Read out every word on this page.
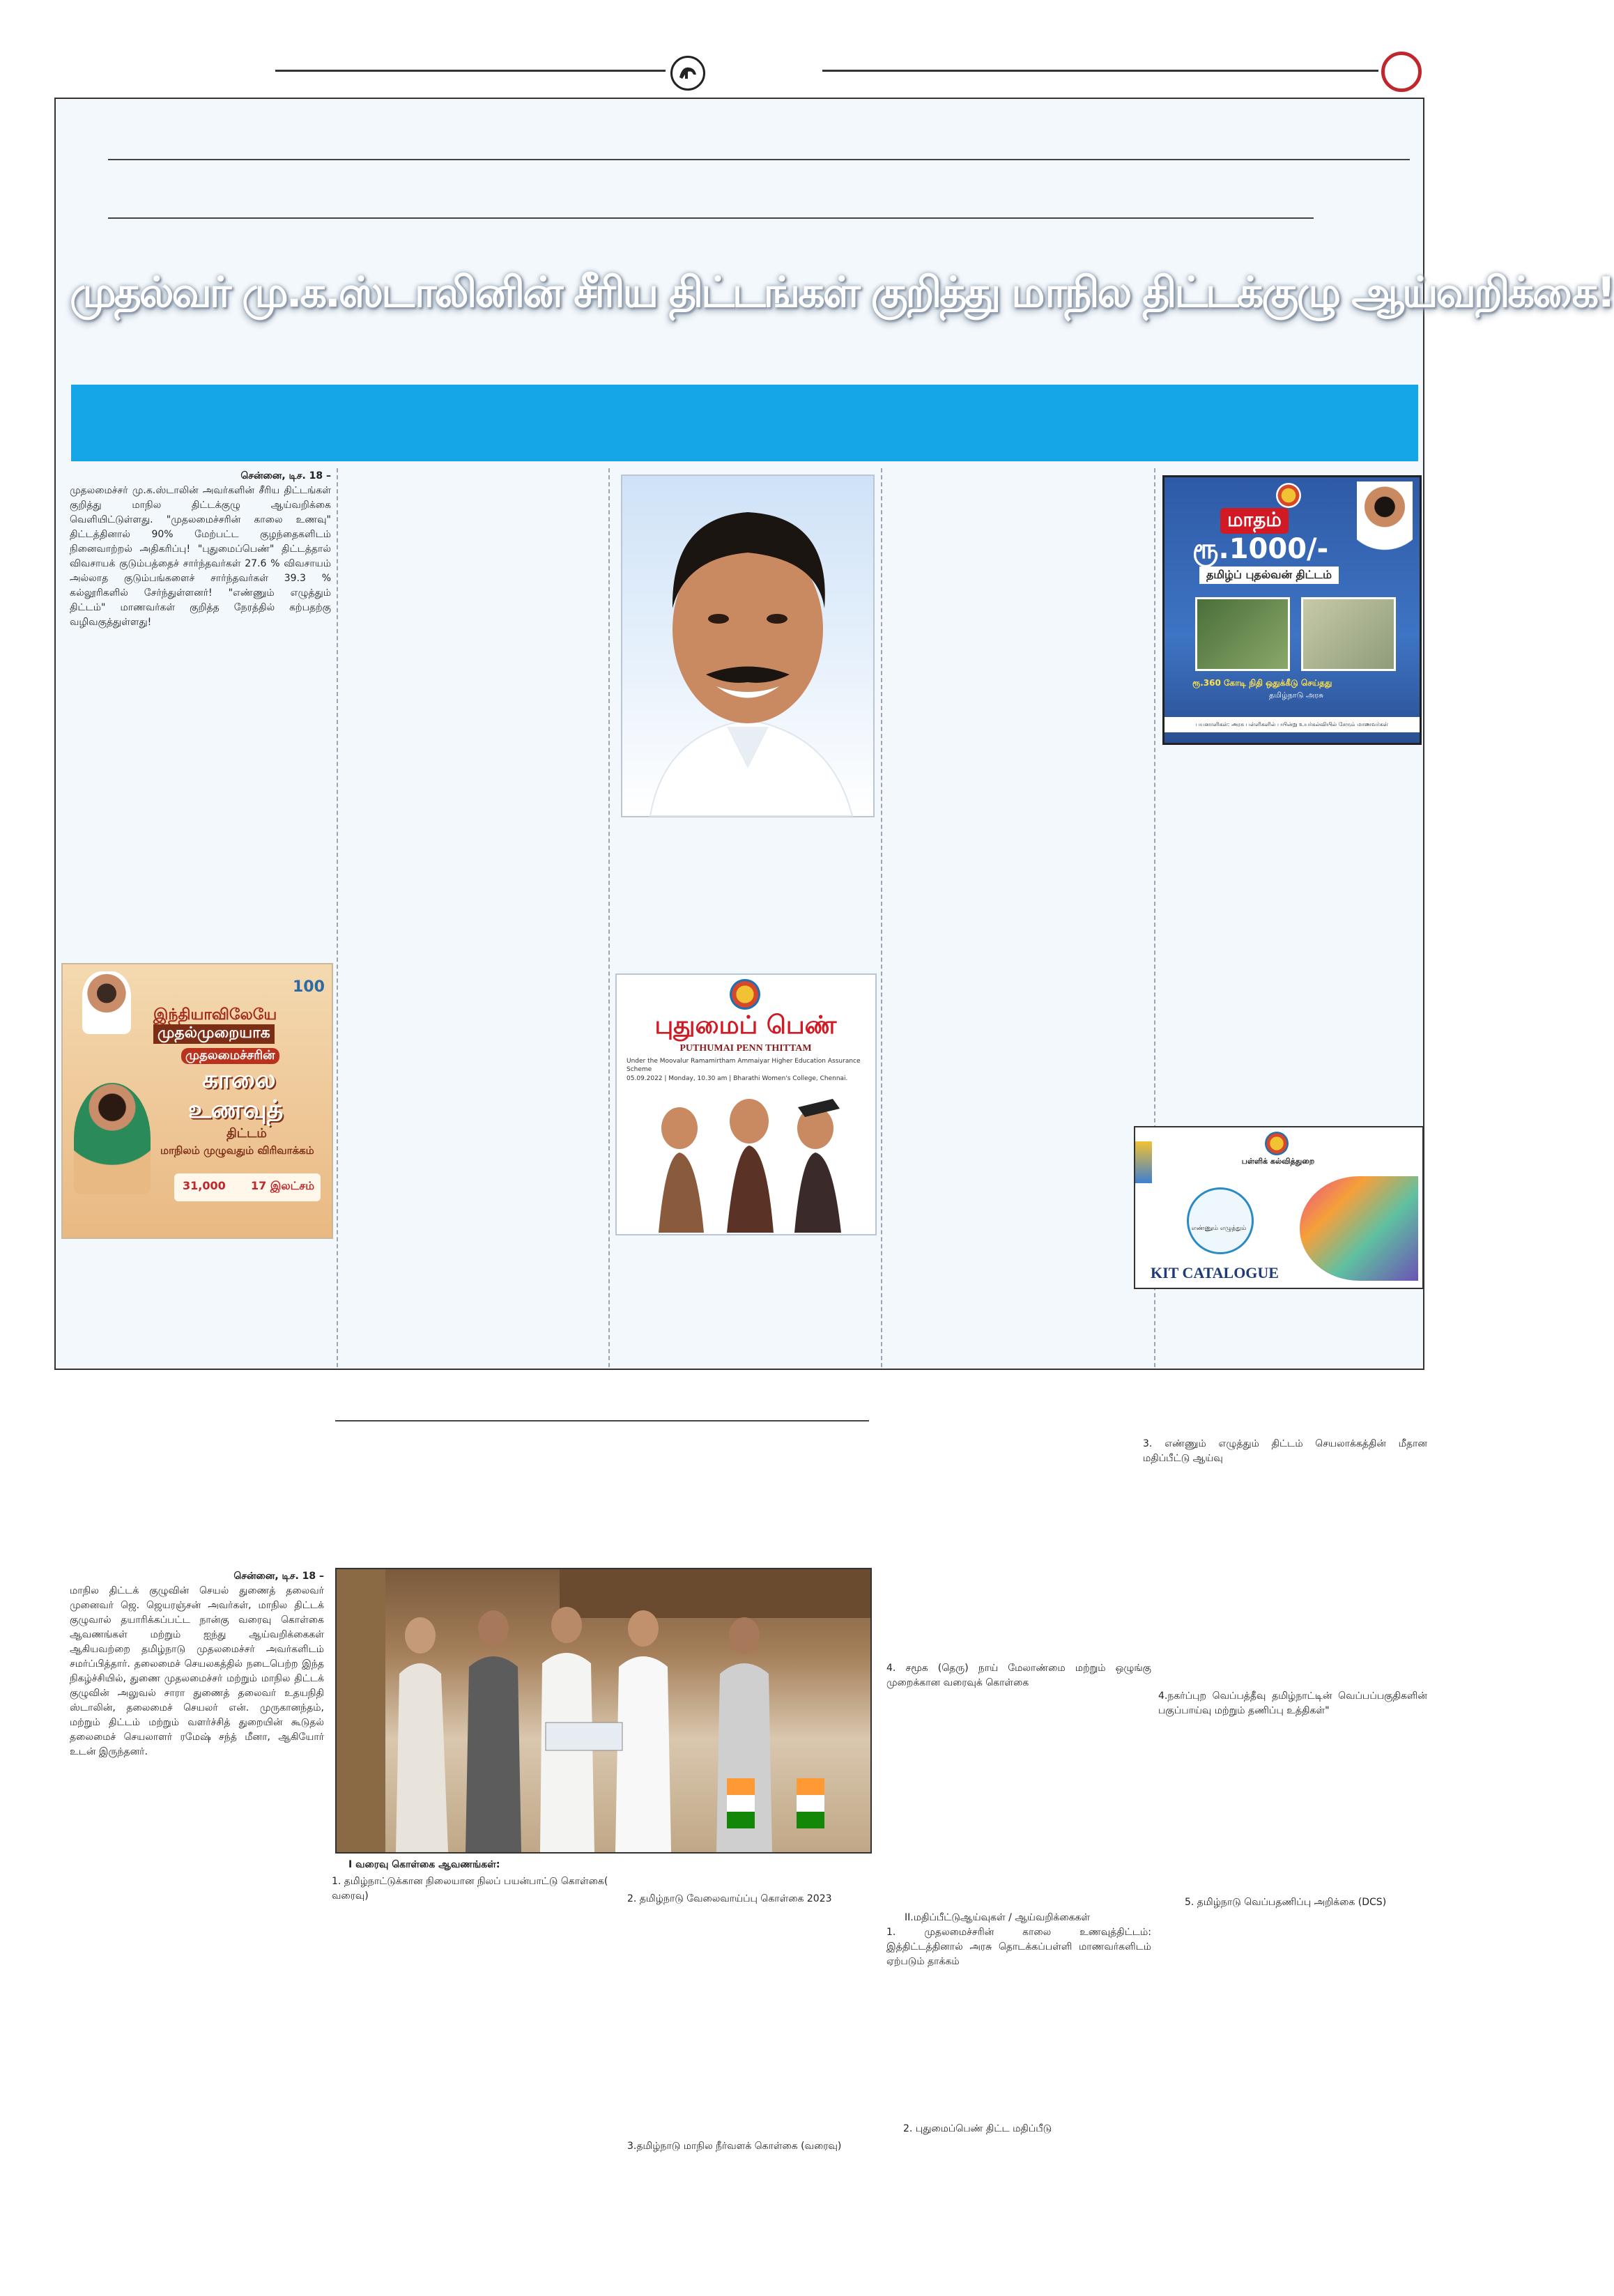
முதல்வர் மு.க.ஸ்டாலினின் சீரிய திட்டங்கள் குறித்து மாநில திட்டக்குழு ஆய்வறிக்கை!
சென்னை, டிச. 18 –
முதலமைச்சர் மு.க.ஸ்டாலின் அவர்களின் சீரிய திட்டங்கள் குறித்து மாநில திட்டக்குழு ஆய்வறிக்கை வெளியிட்டுள்ளது. "முதலமைச்சரின் காலை உணவு" திட்டத்தினால் 90% மேற்பட்ட குழந்தைகளிடம் நினைவாற்றல் அதிகரிப்பு! "புதுமைப்பெண்" திட்டத்தால் விவசாயக் குடும்பத்தைச் சார்ந்தவர்கள் 27.6 % விவசாயம் அல்லாத குடும்பங்களைச் சார்ந்தவர்கள் 39.3 % கல்லூரிகளில் சேர்ந்துள்ளனர்! "எண்ணும் எழுத்தும் திட்டம்" மாணவர்கள் குறித்த நேரத்தில் கற்பதற்கு வழிவகுத்துள்ளது!
100
இந்தியாவிலேயே
முதல்முறையாக
முதலமைச்சரின்
காலை
உணவுத்
திட்டம்
மாநிலம் முழுவதும் விரிவாக்கம்
31,000 17 இலட்சம்
புதுமைப் பெண்
PUTHUMAI PENN THITTAM
Under the Moovalur Ramamirtham Ammaiyar Higher Education Assurance Scheme
05.09.2022 | Monday, 10.30 am | Bharathi Women's College, Chennai.
மாதம்
ரூ.1000/-
தமிழ்ப் புதல்வன் திட்டம்
ரூ.360 கோடி நிதி ஒதுக்கீடு செய்தது
தமிழ்நாடு அரசு
பயனாளிகள்: அரசு பள்ளிகளில் பயின்று உயர்கல்வியில் சேரும் மாணவர்கள்
பள்ளிக் கல்வித்துறை
எண்ணும் எழுத்தும்
KIT CATALOGUE
3. எண்ணும் எழுத்தும் திட்டம் செயலாக்கத்தின் மீதான மதிப்பீட்டு ஆய்வு
சென்னை, டிச. 18 –
மாநில திட்டக் குழுவின் செயல் துணைத் தலைவர் முனைவர் ஜெ. ஜெயரஞ்சன் அவர்கள், மாநில திட்டக் குழுவால் தயாரிக்கப்பட்ட நான்கு வரைவு கொள்கை ஆவணங்கள் மற்றும் ஐந்து ஆய்வறிக்கைகள் ஆகியவற்றை தமிழ்நாடு முதலமைச்சர் அவர்களிடம் சமர்ப்பித்தார். தலைமைச் செயலகத்தில் நடைபெற்ற இந்த நிகழ்ச்சியில், துணை முதலமைச்சர் மற்றும் மாநில திட்டக் குழுவின் அலுவல் சாரா துணைத் தலைவர் உதயநிதி ஸ்டாலின், தலைமைச் செயலர் என். முருகானந்தம், மற்றும் திட்டம் மற்றும் வளர்ச்சித் துறையின் கூடுதல் தலைமைச் செயலாளர் ரமேஷ் சந்த் மீனா, ஆகியோர் உடன் இருந்தனர்.
4. சமூக (தெரு) நாய் மேலாண்மை மற்றும் ஒழுங்கு முறைக்கான வரைவுக் கொள்கை
4.நகர்ப்புற வெப்பத்தீவு தமிழ்நாட்டின் வெப்பப்பகுதிகளின் பகுப்பாய்வு மற்றும் தணிப்பு உத்திகள்"
I வரைவு கொள்கை ஆவணங்கள்:
1. தமிழ்நாட்டுக்கான நிலையான நிலப் பயன்பாட்டு கொள்கை( வரைவு)	2. தமிழ்நாடு வேலைவாய்ப்பு கொள்கை 2023	5. தமிழ்நாடு வெப்பதணிப்பு அறிக்கை (DCS)
II.மதிப்பீட்டுஆய்வுகள் / ஆய்வறிக்கைகள்
1. முதலமைச்சரின் காலை உணவுத்திட்டம்: இத்திட்டத்தினால் அரசு தொடக்கப்பள்ளி மாணவர்களிடம் ஏற்படும் தாக்கம்
2. புதுமைப்பெண் திட்ட மதிப்பீடு
3.தமிழ்நாடு மாநில நீர்வளக் கொள்கை (வரைவு)
